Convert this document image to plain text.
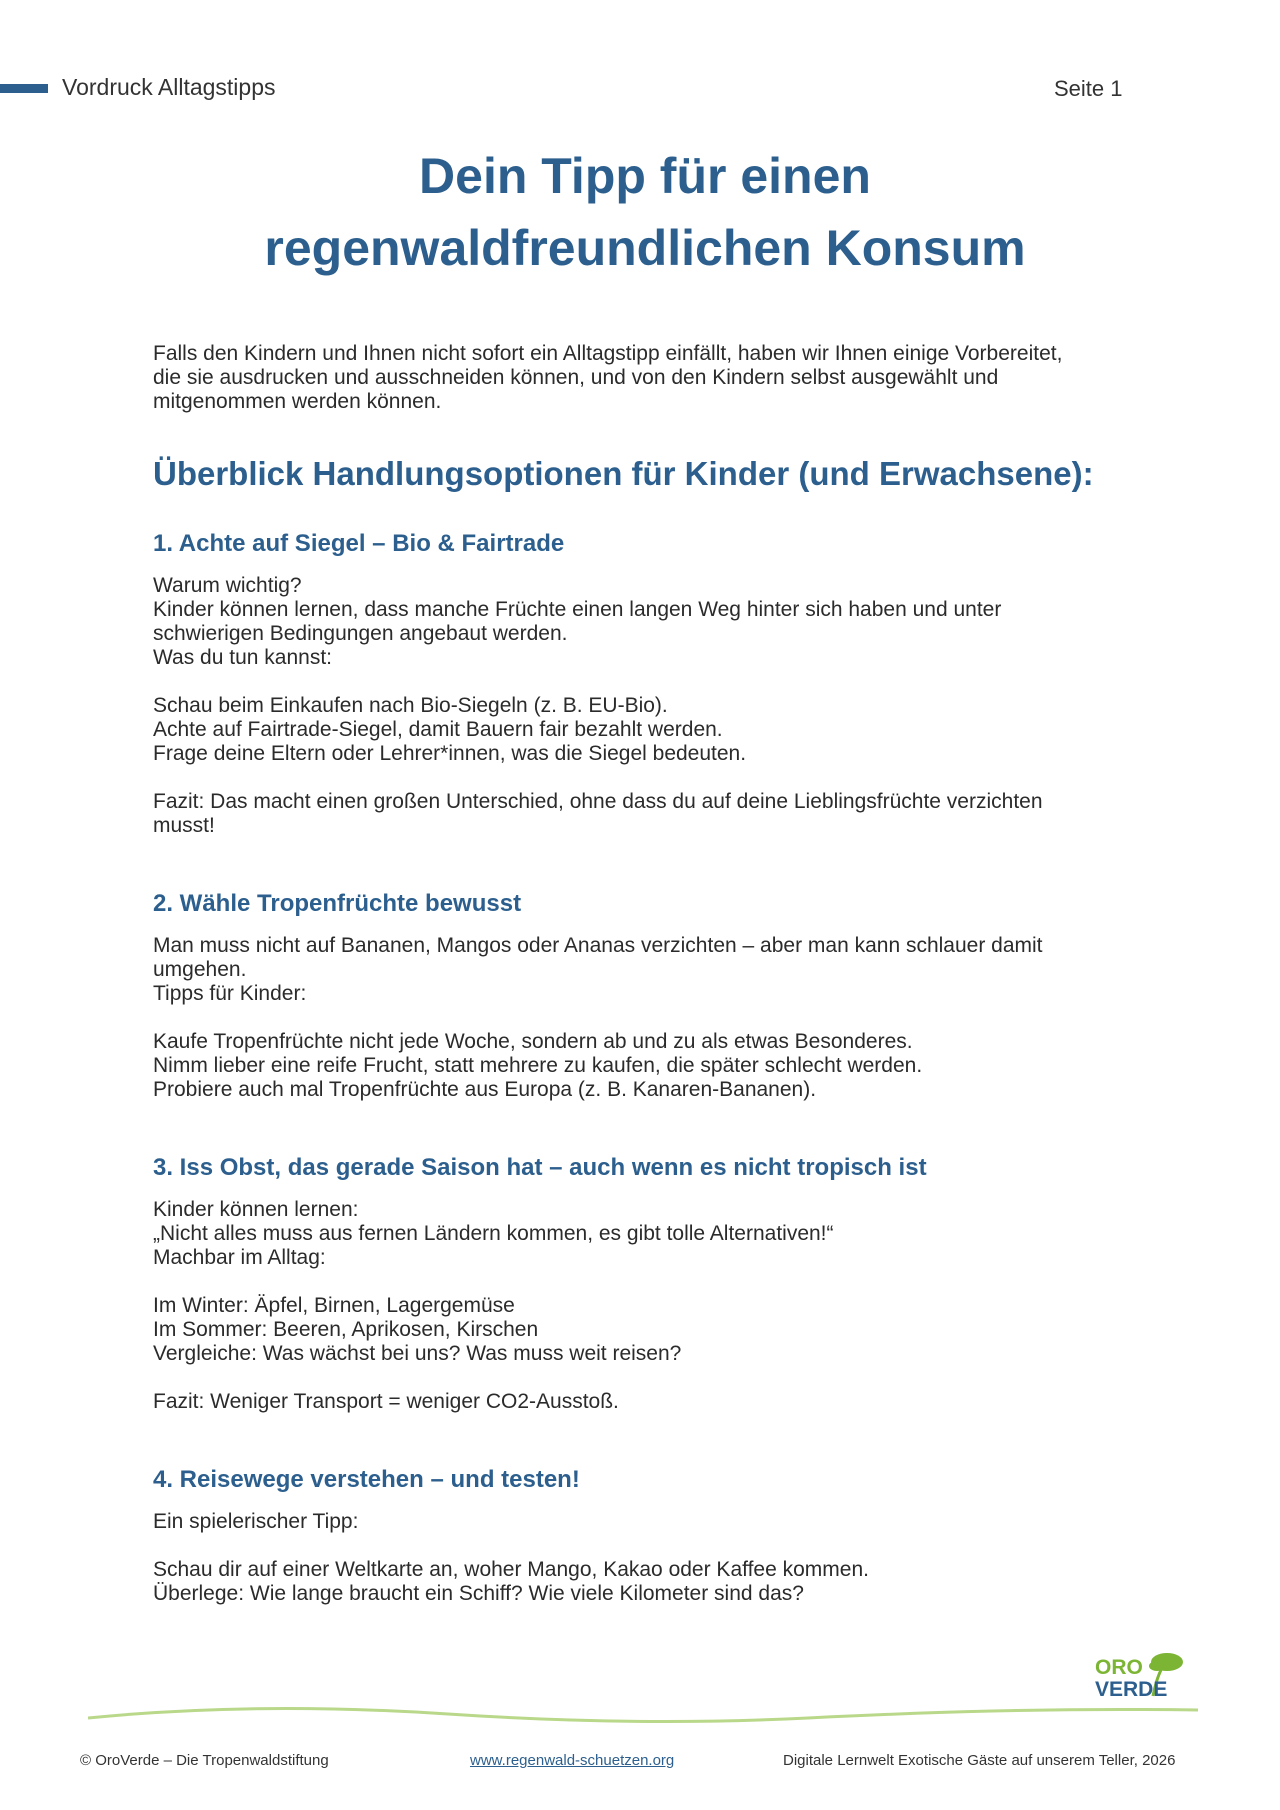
Vordruck Alltagstipps	Seite 1
Dein Tipp für einen
regenwaldfreundlichen Konsum

Falls den Kindern und Ihnen nicht sofort ein Alltagstipp einfällt, haben wir Ihnen einige Vorbereitet,

die sie ausdrucken und ausschneiden können, und von den Kindern selbst ausgewählt und

mitgenommen werden können.

Überblick Handlungsoptionen für Kinder (und Erwachsene):
1. Achte auf Siegel – Bio & Fairtrade

Warum wichtig?

Kinder können lernen, dass manche Früchte einen langen Weg hinter sich haben und unter

schwierigen Bedingungen angebaut werden.

Was du tun kannst:

Schau beim Einkaufen nach Bio-Siegeln (z. B. EU-Bio).

Achte auf Fairtrade-Siegel, damit Bauern fair bezahlt werden.

Frage deine Eltern oder Lehrer*innen, was die Siegel bedeuten.

Fazit: Das macht einen großen Unterschied, ohne dass du auf deine Lieblingsfrüchte verzichten

musst!

2. Wähle Tropenfrüchte bewusst

Man muss nicht auf Bananen, Mangos oder Ananas verzichten – aber man kann schlauer damit

umgehen.

Tipps für Kinder:

Kaufe Tropenfrüchte nicht jede Woche, sondern ab und zu als etwas Besonderes.

Nimm lieber eine reife Frucht, statt mehrere zu kaufen, die später schlecht werden.

Probiere auch mal Tropenfrüchte aus Europa (z. B. Kanaren-Bananen).

3. Iss Obst, das gerade Saison hat – auch wenn es nicht tropisch ist

Kinder können lernen:

„Nicht alles muss aus fernen Ländern kommen, es gibt tolle Alternativen!“

Machbar im Alltag:

Im Winter: Äpfel, Birnen, Lagergemüse

Im Sommer: Beeren, Aprikosen, Kirschen

Vergleiche: Was wächst bei uns? Was muss weit reisen?

Fazit: Weniger Transport = weniger CO2-Ausstoß.

4. Reisewege verstehen – und testen!

Ein spielerischer Tipp:

Schau dir auf einer Weltkarte an, woher Mango, Kakao oder Kaffee kommen.

Überlege: Wie lange braucht ein Schiff? Wie viele Kilometer sind das?

ORO
VERDE
© OroVerde – Die Tropenwaldstiftung	www.regenwald-schuetzen.org	Digitale Lernwelt Exotische Gäste auf unserem Teller, 2026
